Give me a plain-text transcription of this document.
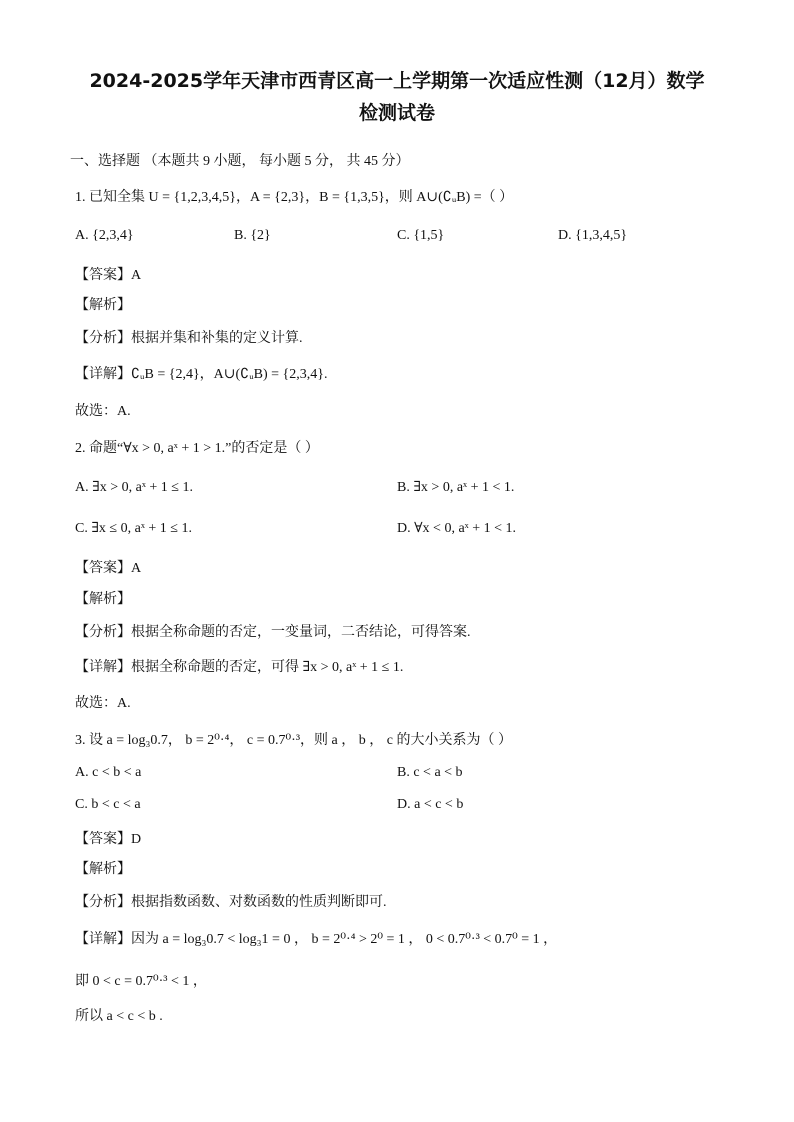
2024-2025学年天津市西青区高一上学期第一次适应性测（12月）数学
检测试卷
一、选择题 （本题共 9 小题， 每小题 5 分， 共 45 分）
1. 已知全集 U = {1,2,3,4,5}，A = {2,3}，B = {1,3,5}，则 A∪(∁ᵤB) =（ ）
A. {2,3,4}	B. {2}	C. {1,5}	D. {1,3,4,5}
【答案】A
【解析】
【分析】根据并集和补集的定义计算.
【详解】∁ᵤB = {2,4}，A∪(∁ᵤB) = {2,3,4}.
故选：A.
2. 命题“∀x > 0, aˣ + 1 > 1.”的否定是（ ）
A. ∃x > 0, aˣ + 1 ≤ 1.	B. ∃x > 0, aˣ + 1 < 1.
C. ∃x ≤ 0, aˣ + 1 ≤ 1.	D. ∀x < 0, aˣ + 1 < 1.
【答案】A
【解析】
【分析】根据全称命题的否定，一变量词，二否结论，可得答案.
【详解】根据全称命题的否定，可得 ∃x > 0, aˣ + 1 ≤ 1.
故选：A.
3. 设 a = log₃0.7， b = 2⁰·⁴， c = 0.7⁰·³，则 a ， b ， c 的大小关系为（ ）
A. c < b < a	B. c < a < b
C. b < c < a	D. a < c < b
【答案】D
【解析】
【分析】根据指数函数、对数函数的性质判断即可.
【详解】因为 a = log₃0.7 < log₃1 = 0 ， b = 2⁰·⁴ > 2⁰ = 1 ， 0 < 0.7⁰·³ < 0.7⁰ = 1 ，
即 0 < c = 0.7⁰·³ < 1 ，
所以 a < c < b .
